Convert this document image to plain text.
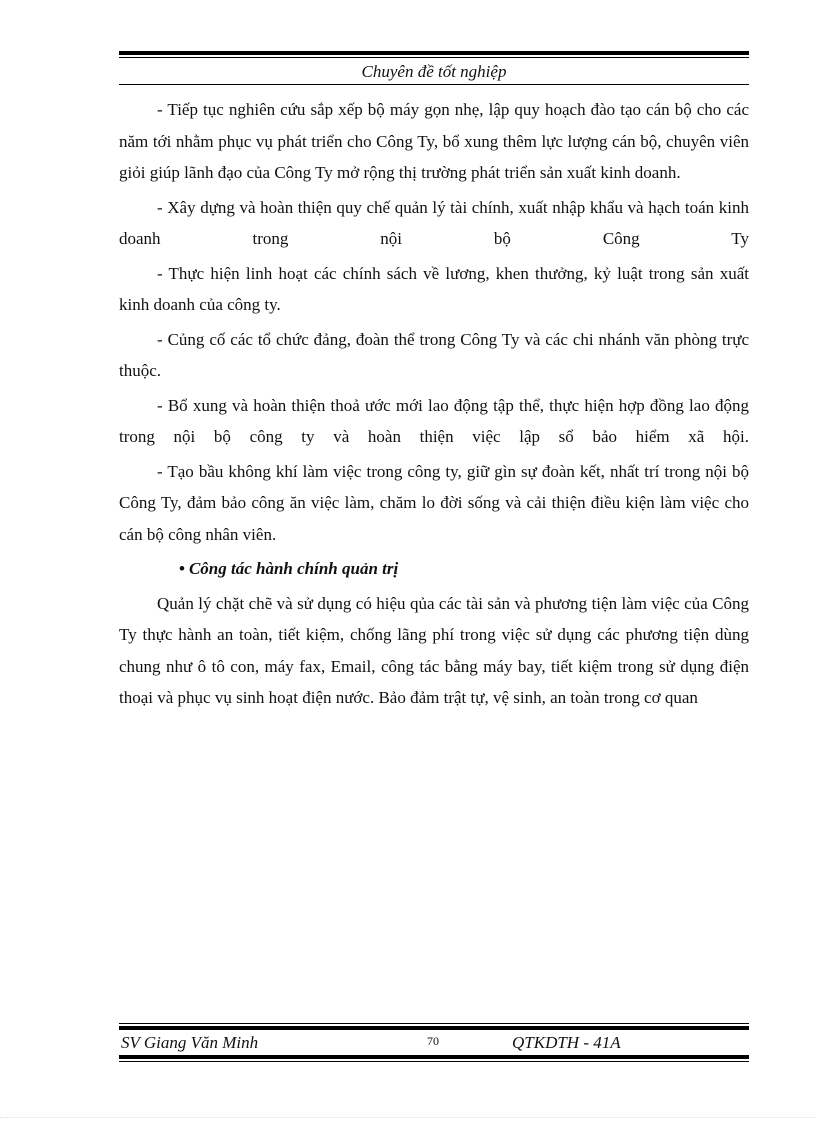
Chuyên đề tốt nghiệp

- Tiếp tục nghiên cứu sắp xếp bộ máy gọn nhẹ, lập quy hoạch đào tạo cán bộ cho các năm tới nhằm phục vụ phát triển cho Công Ty, bổ xung thêm lực lượng cán bộ, chuyên viên giỏi giúp lãnh đạo của Công Ty mở rộng thị trường phát triển sản xuất kinh doanh.

- Xây dựng và hoàn thiện quy chế quản lý tài chính, xuất nhập khẩu và hạch toán kinh doanh trong nội bộ Công Ty

- Thực hiện linh hoạt các chính sách về lương, khen thưởng, kỷ luật trong sản xuất kinh doanh của công ty.

- Củng cố các tổ chức đảng, đoàn thể trong Công Ty và các chi nhánh văn phòng trực thuộc.

- Bổ xung và hoàn thiện thoả ước mới lao động tập thể, thực hiện hợp đồng lao động trong nội bộ công ty và hoàn thiện việc lập sổ bảo hiểm xã hội.

- Tạo bầu không khí làm việc trong công ty, giữ gìn sự đoàn kết, nhất trí trong nội bộ Công Ty, đảm bảo công ăn việc làm, chăm lo đời sống và cải thiện điều kiện làm việc cho cán bộ công nhân viên.

• Công tác hành chính quản trị

Quản lý chặt chẽ và sử dụng có hiệu qủa các tài sản và phương tiện làm việc của Công Ty thực hành an toàn, tiết kiệm, chống lãng phí trong việc sử dụng các phương tiện dùng chung như ô tô con, máy fax, Email, công tác bằng máy bay, tiết kiệm trong sử dụng điện thoại và phục vụ sinh hoạt điện nước. Bảo đảm trật tự, vệ sinh, an toàn trong cơ quan

SV Giang Văn Minh	70	QTKDTH - 41A
